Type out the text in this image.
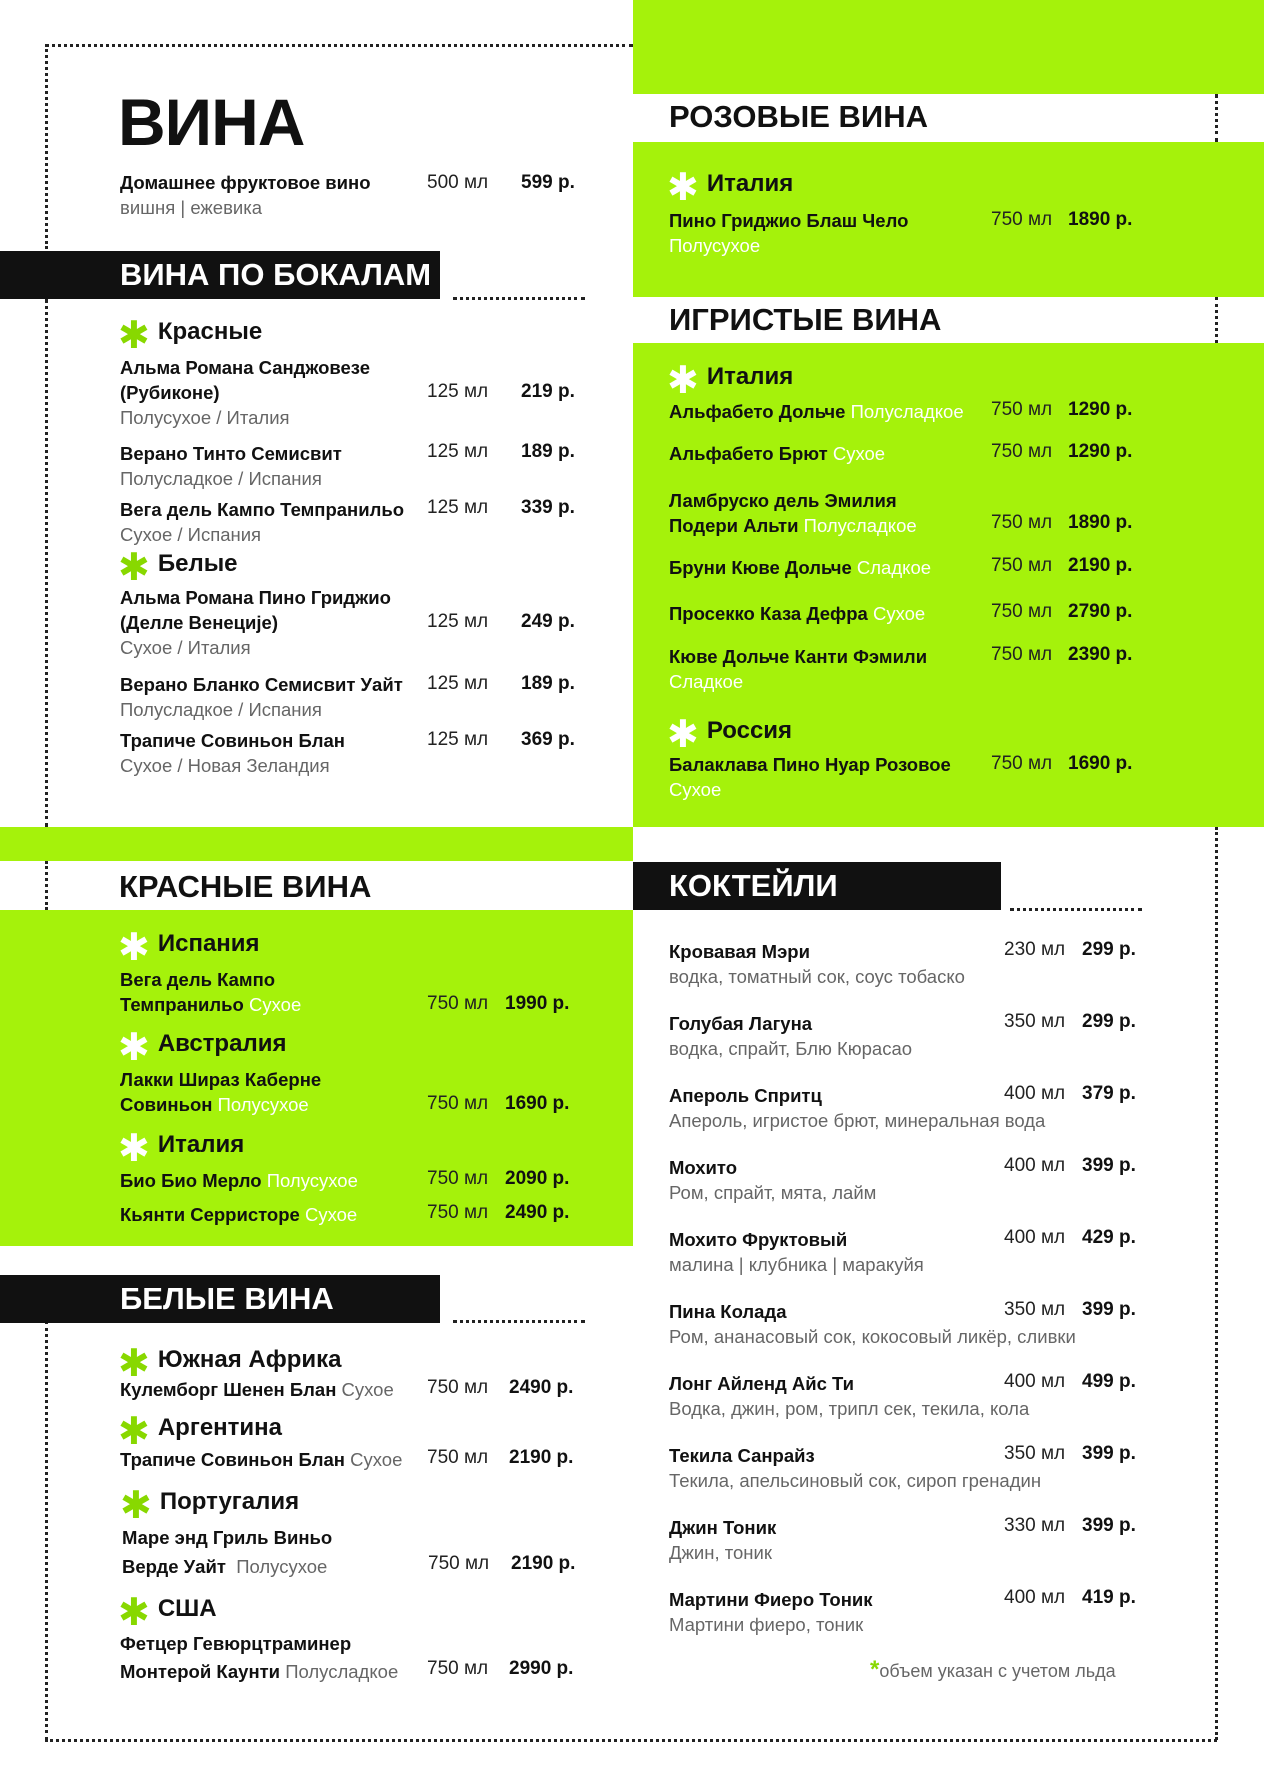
ВИНА
Домашнее фруктовое вино
вишня | ежевика
500 мл 599 р.
ВИНА ПО БОКАЛАМ
✱ Красные
Альма Романа Санджовезе
(Рубиконе)
Полусухое / Италия
125 мл 219 р.
Верано Тинто Семисвит
Полусладкое / Испания
125 мл 189 р.
Вега дель Кампо Темпранильо
Сухое / Испания
125 мл 339 р.
✱ Белые
Альма Романа Пино Гриджио
(Делле Венеције)
Сухое / Италия
125 мл 249 р.
Верано Бланко Семисвит Уайт
Полусладкое / Испания
125 мл 189 р.
Трапиче Совиньон Блан
Сухое / Новая Зеландия
125 мл 369 р.
КРАСНЫЕ ВИНА
✱ Испания
Вега дель Кампо
Темпранильо Сухое	750 мл 1990 р.
✱ Австралия
Лакки Шираз Каберне
Совиньон Полусухое	750 мл 1690 р.
✱ Италия
Био Био Мерло Полусухое	750 мл 2090 р.
Кьянти Серристоре Сухое	750 мл 2490 р.
БЕЛЫЕ ВИНА
✱ Южная Африка
Кулемборг Шенен Блан Сухое 750 мл 2490 р.
✱ Аргентина
Трапиче Совиньон Блан Сухое 750 мл 2190 р.
✱ Португалия
Маре энд Гриль Виньо
Верде Уайт Полусухое	750 мл 2190 р.
✱ США
Фетцер Гевюрцтраминер
Монтерой Каунти Полусладкое 750 мл 2990 р.
РОЗОВЫЕ ВИНА
✱ Италия
Пино Гриджио Блаш Чело
Полусухое
750 мл 1890 р.
ИГРИСТЫЕ ВИНА
✱ Италия
Альфабето Дольче Полусладкое 750 мл 1290 р.
Альфабето Брют Сухое	750 мл 1290 р.
Ламбруско дель Эмилия
Подери Альти Полусладкое	750 мл 1890 р.
Бруни Кюве Дольче Сладкое	750 мл 2190 р.
Просекко Каза Дефра Сухое	750 мл 2790 р.
Кюве Дольче Канти Фэмили
Сладкое
750 мл 2390 р.
✱ Россия
Балаклава Пино Нуар Розовое
Сухое
750 мл 1690 р.
КОКТЕЙЛИ
Кровавая Мэри
водка, томатный сок, соус тобаско
230 мл 299 р.
Голубая Лагуна
водка, спрайт, Блю Кюрасао
350 мл 299 р.
Апероль Спритц
Апероль, игристое брют, минеральная вода
400 мл 379 р.
Мохито
Ром, спрайт, мята, лайм
400 мл 399 р.
Мохито Фруктовый
малина | клубника | маракуйя
400 мл 429 р.
Пина Колада
Ром, ананасовый сок, кокосовый ликёр, сливки
350 мл 399 р.
Лонг Айленд Айс Ти
Водка, джин, ром, трипл сек, текила, кола
400 мл 499 р.
Текила Санрайз
Текила, апельсиновый сок, сироп гренадин
350 мл 399 р.
Джин Тоник
Джин, тоник
330 мл 399 р.
Мартини Фиеро Тоник
Мартини фиеро, тоник
400 мл 419 р.
*объем указан с учетом льда
